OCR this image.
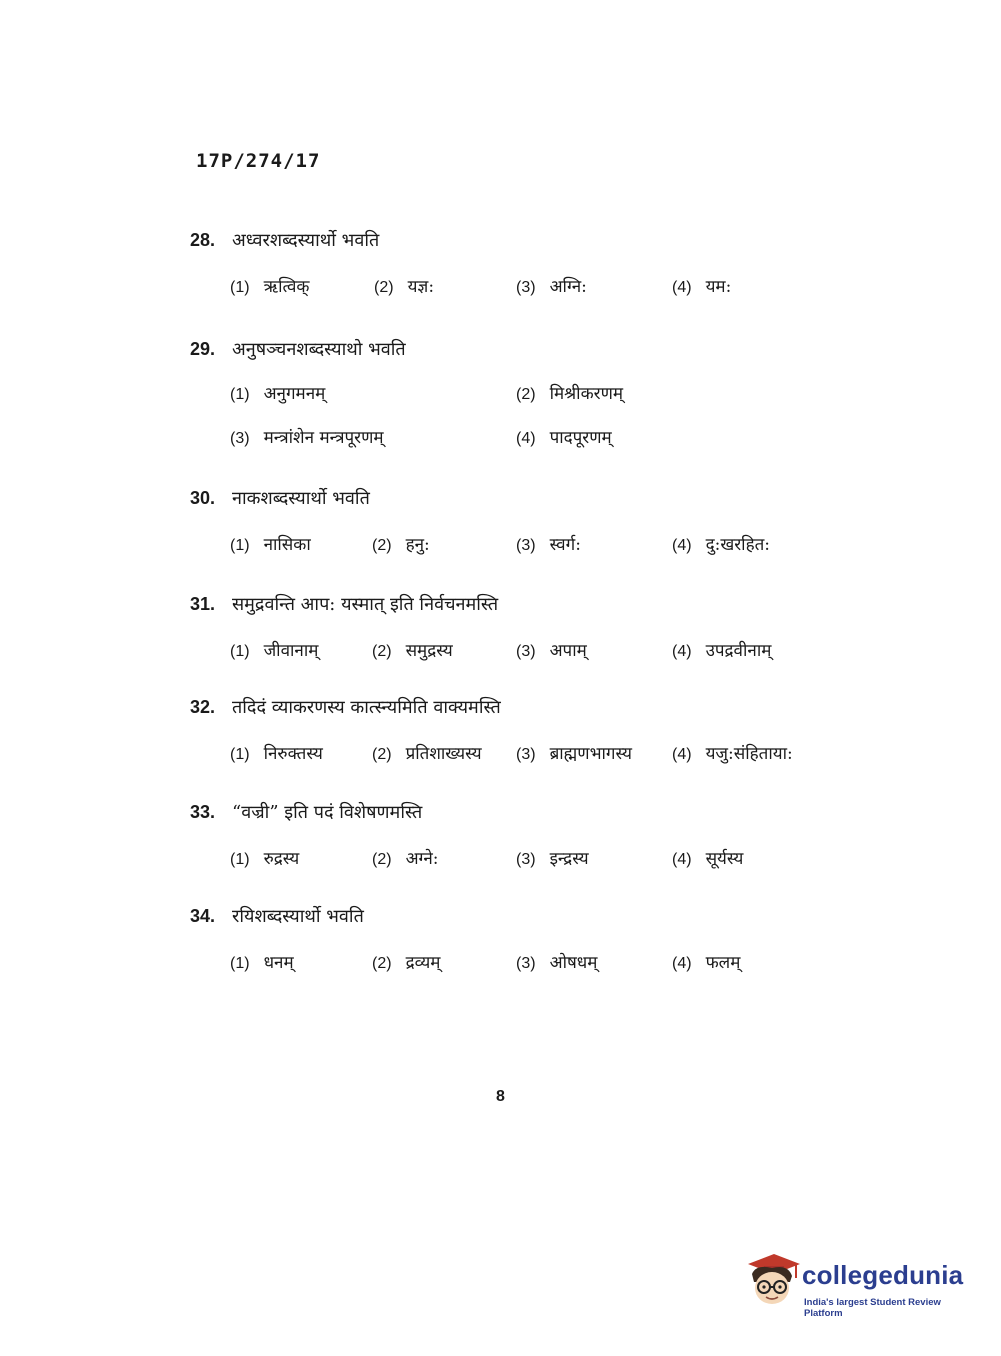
17P/274/17
28. अध्वरशब्दस्यार्थो भवति
(1) ऋत्विक्	(2) यज्ञ:	(3) अग्नि:	(4) यम:
29. अनुषञ्चनशब्दस्याथो भवति
(1) अनुगमनम्	(2) मिश्रीकरणम्
(3) मन्त्रांशेन मन्त्रपूरणम्	(4) पादपूरणम्
30. नाकशब्दस्यार्थो भवति
(1) नासिका	(2) हनु:	(3) स्वर्ग:	(4) दु:खरहित:
31. समुद्रवन्ति आप: यस्मात् इति निर्वचनमस्ति
(1) जीवानाम्	(2) समुद्रस्य	(3) अपाम्	(4) उपद्रवीनाम्
32. तदिदं व्याकरणस्य कात्स्न्यमिति वाक्यमस्ति
(1) निरुक्तस्य	(2) प्रतिशाख्यस्य (3) ब्राह्मणभागस्य	(4) यजु:संहिताया:
33. “वज्री” इति पदं विशेषणमस्ति
(1) रुद्रस्य	(2) अग्ने:	(3) इन्द्रस्य	(4) सूर्यस्य
34. रयिशब्दस्यार्थो भवति
(1) धनम्	(2) द्रव्यम्	(3) ओषधम्	(4) फलम्
8
collegedunia
India's largest Student Review Platform
